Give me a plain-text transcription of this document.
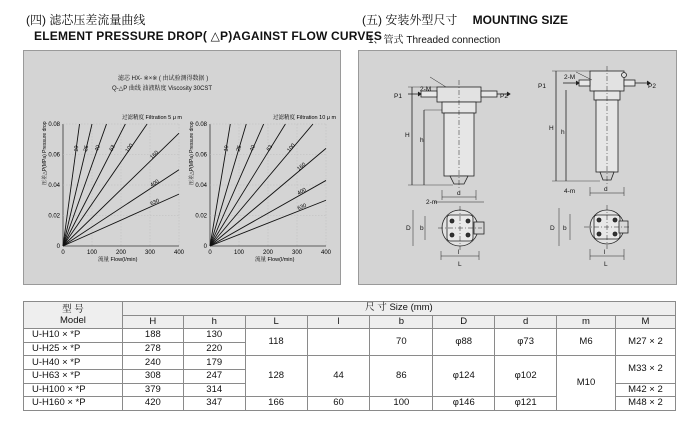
(四) 滤芯压差流量曲线
ELEMENT PRESSURE DROP( △P)AGAINST FLOW CURVES
(五) 安装外型尺寸 MOUNTING SIZE
1、管式 Threaded connection
滤芯 HX- ※×※ ( 由试验测得数据 )
Q-△P 曲线 油液粘度 Viscosity 30CST
过滤精度 Filtration 5 μ m
压差△P(MPa) Pressure drop
流量 Flow(l/min)
0	100	200	300	400
0
0.02
0.04
0.06
0.08
10 25 40 63 100
160
400
630
过滤精度 Filtration 10 μ m
压差△P(MPa) Pressure drop
流量 Flow(l/min)
0	100	200	300	400
0
0.02
0.04
0.06
0.08
10 25 40 63 100
160
400
630
P1	P2
2-M
H
h
2-m
d
D b
l
L
P1	P2
2-M
H
h
4-m	d
D b
l
L
型 号
Model	尺 寸 Size (mm)								
	H	h	L	l	b	D	d	m	M
U-H10 × *P	188	130	118		70	φ88	φ73	M6	M27 × 2
U-H25 × *P	278	220							
U-H40 × *P	240	179	128	44	86	φ124	φ102	M10	M33 × 2
U-H63 × *P	308	247							
U-H100 × *P	379	314							M42 × 2
U-H160 × *P	420	347	166	60	100	φ146	φ121		M48 × 2
